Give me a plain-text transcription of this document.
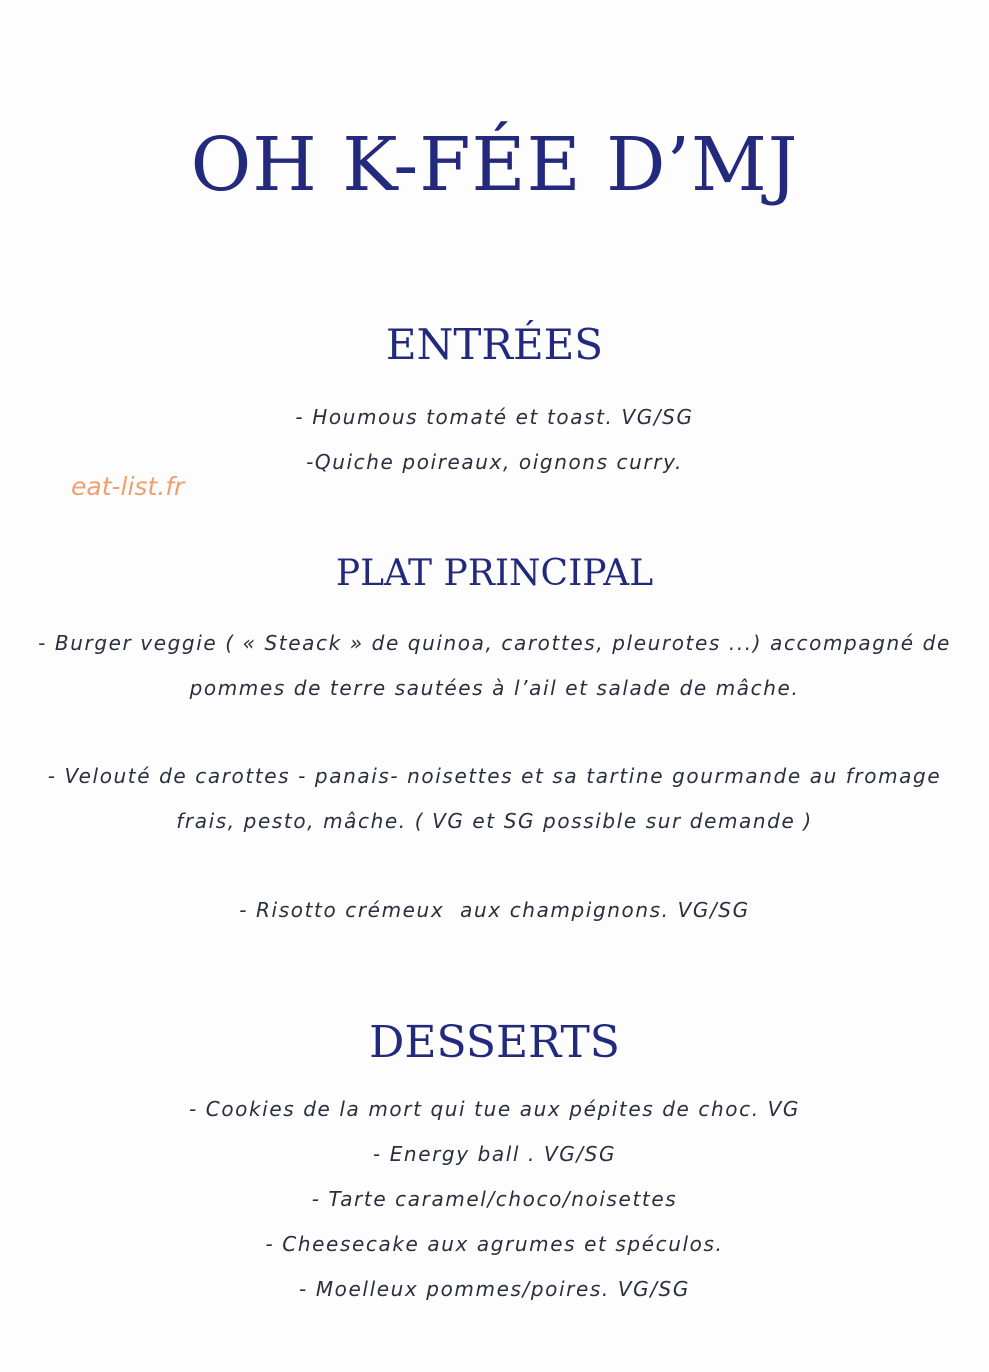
OH K-FÉE D’MJ
ENTRÉES
- Houmous tomaté et toast. VG/SG
-Quiche poireaux, oignons curry.
eat-list.fr
PLAT PRINCIPAL
- Burger veggie ( « Steack » de quinoa, carottes, pleurotes ...) accompagné de
pommes de terre sautées à l’ail et salade de mâche.
- Velouté de carottes - panais- noisettes et sa tartine gourmande au fromage
frais, pesto, mâche. ( VG et SG possible sur demande )
- Risotto crémeux  aux champignons. VG/SG
DESSERTS
- Cookies de la mort qui tue aux pépites de choc. VG
- Energy ball . VG/SG
- Tarte caramel/choco/noisettes
- Cheesecake aux agrumes et spéculos.
- Moelleux pommes/poires. VG/SG
